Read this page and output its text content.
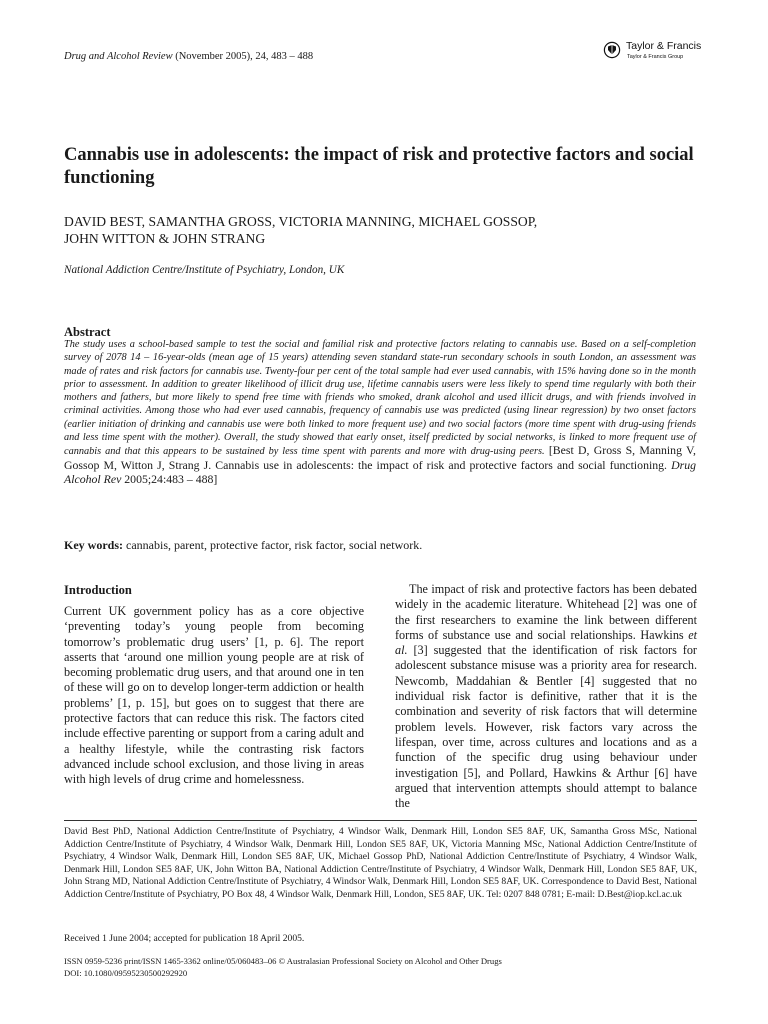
Drug and Alcohol Review (November 2005), 24, 483 – 488
Taylor & Francis
Taylor & Francis Group
Cannabis use in adolescents: the impact of risk and protective factors and social functioning
DAVID BEST, SAMANTHA GROSS, VICTORIA MANNING, MICHAEL GOSSOP,
JOHN WITTON & JOHN STRANG
National Addiction Centre/Institute of Psychiatry, London, UK
Abstract
The study uses a school-based sample to test the social and familial risk and protective factors relating to cannabis use. Based on a self-completion survey of 2078 14 – 16-year-olds (mean age of 15 years) attending seven standard state-run secondary schools in south London, an assessment was made of rates and risk factors for cannabis use. Twenty-four per cent of the total sample had ever used cannabis, with 15% having done so in the month prior to assessment. In addition to greater likelihood of illicit drug use, lifetime cannabis users were less likely to spend time regularly with both their mothers and fathers, but more likely to spend free time with friends who smoked, drank alcohol and used illicit drugs, and with friends involved in criminal activities. Among those who had ever used cannabis, frequency of cannabis use was predicted (using linear regression) by two onset factors (earlier initiation of drinking and cannabis use were both linked to more frequent use) and two social factors (more time spent with drug-using friends and less time spent with the mother). Overall, the study showed that early onset, itself predicted by social networks, is linked to more frequent use of cannabis and that this appears to be sustained by less time spent with parents and more with drug-using peers. [Best D, Gross S, Manning V, Gossop M, Witton J, Strang J. Cannabis use in adolescents: the impact of risk and protective factors and social functioning. Drug Alcohol Rev 2005;24:483 – 488]
Key words: cannabis, parent, protective factor, risk factor, social network.
Introduction

Current UK government policy has as a core objective ‘preventing today’s young people from becoming tomorrow’s problematic drug users’ [1, p. 6]. The report asserts that ‘around one million young people are at risk of becoming problematic drug users, and that around one in ten of these will go on to develop longer-term addiction or health problems’ [1, p. 15], but goes on to suggest that there are protective factors that can reduce this risk. The factors cited include effective parenting or support from a caring adult and a healthy lifestyle, while the contrasting risk factors advanced include school exclusion, and those living in areas with high levels of drug crime and homelessness.

The impact of risk and protective factors has been debated widely in the academic literature. Whitehead [2] was one of the first researchers to examine the link between different forms of substance use and social relationships. Hawkins et al. [3] suggested that the identification of risk factors for adolescent substance misuse was a priority area for research. Newcomb, Maddahian & Bentler [4] suggested that no individual risk factor is definitive, rather that it is the combination and severity of risk factors that will determine problem levels. However, risk factors vary across the lifespan, over time, across cultures and locations and as a function of the specific drug using behaviour under investigation [5], and Pollard, Hawkins & Arthur [6] have argued that intervention attempts should attempt to balance the

David Best PhD, National Addiction Centre/Institute of Psychiatry, 4 Windsor Walk, Denmark Hill, London SE5 8AF, UK, Samantha Gross MSc, National Addiction Centre/Institute of Psychiatry, 4 Windsor Walk, Denmark Hill, London SE5 8AF, UK, Victoria Manning MSc, National Addiction Centre/Institute of Psychiatry, 4 Windsor Walk, Denmark Hill, London SE5 8AF, UK, Michael Gossop PhD, National Addiction Centre/Institute of Psychiatry, 4 Windsor Walk, Denmark Hill, London SE5 8AF, UK, John Witton BA, National Addiction Centre/Institute of Psychiatry, 4 Windsor Walk, Denmark Hill, London SE5 8AF, UK, John Strang MD, National Addiction Centre/Institute of Psychiatry, 4 Windsor Walk, Denmark Hill, London SE5 8AF, UK. Correspondence to David Best, National Addiction Centre/Institute of Psychiatry, PO Box 48, 4 Windsor Walk, Denmark Hill, London, SE5 8AF, UK. Tel: 0207 848 0781; E-mail: D.Best@iop.kcl.ac.uk
Received 1 June 2004; accepted for publication 18 April 2005.
ISSN 0959-5236 print/ISSN 1465-3362 online/05/060483–06 © Australasian Professional Society on Alcohol and Other Drugs
DOI: 10.1080/09595230500292920
